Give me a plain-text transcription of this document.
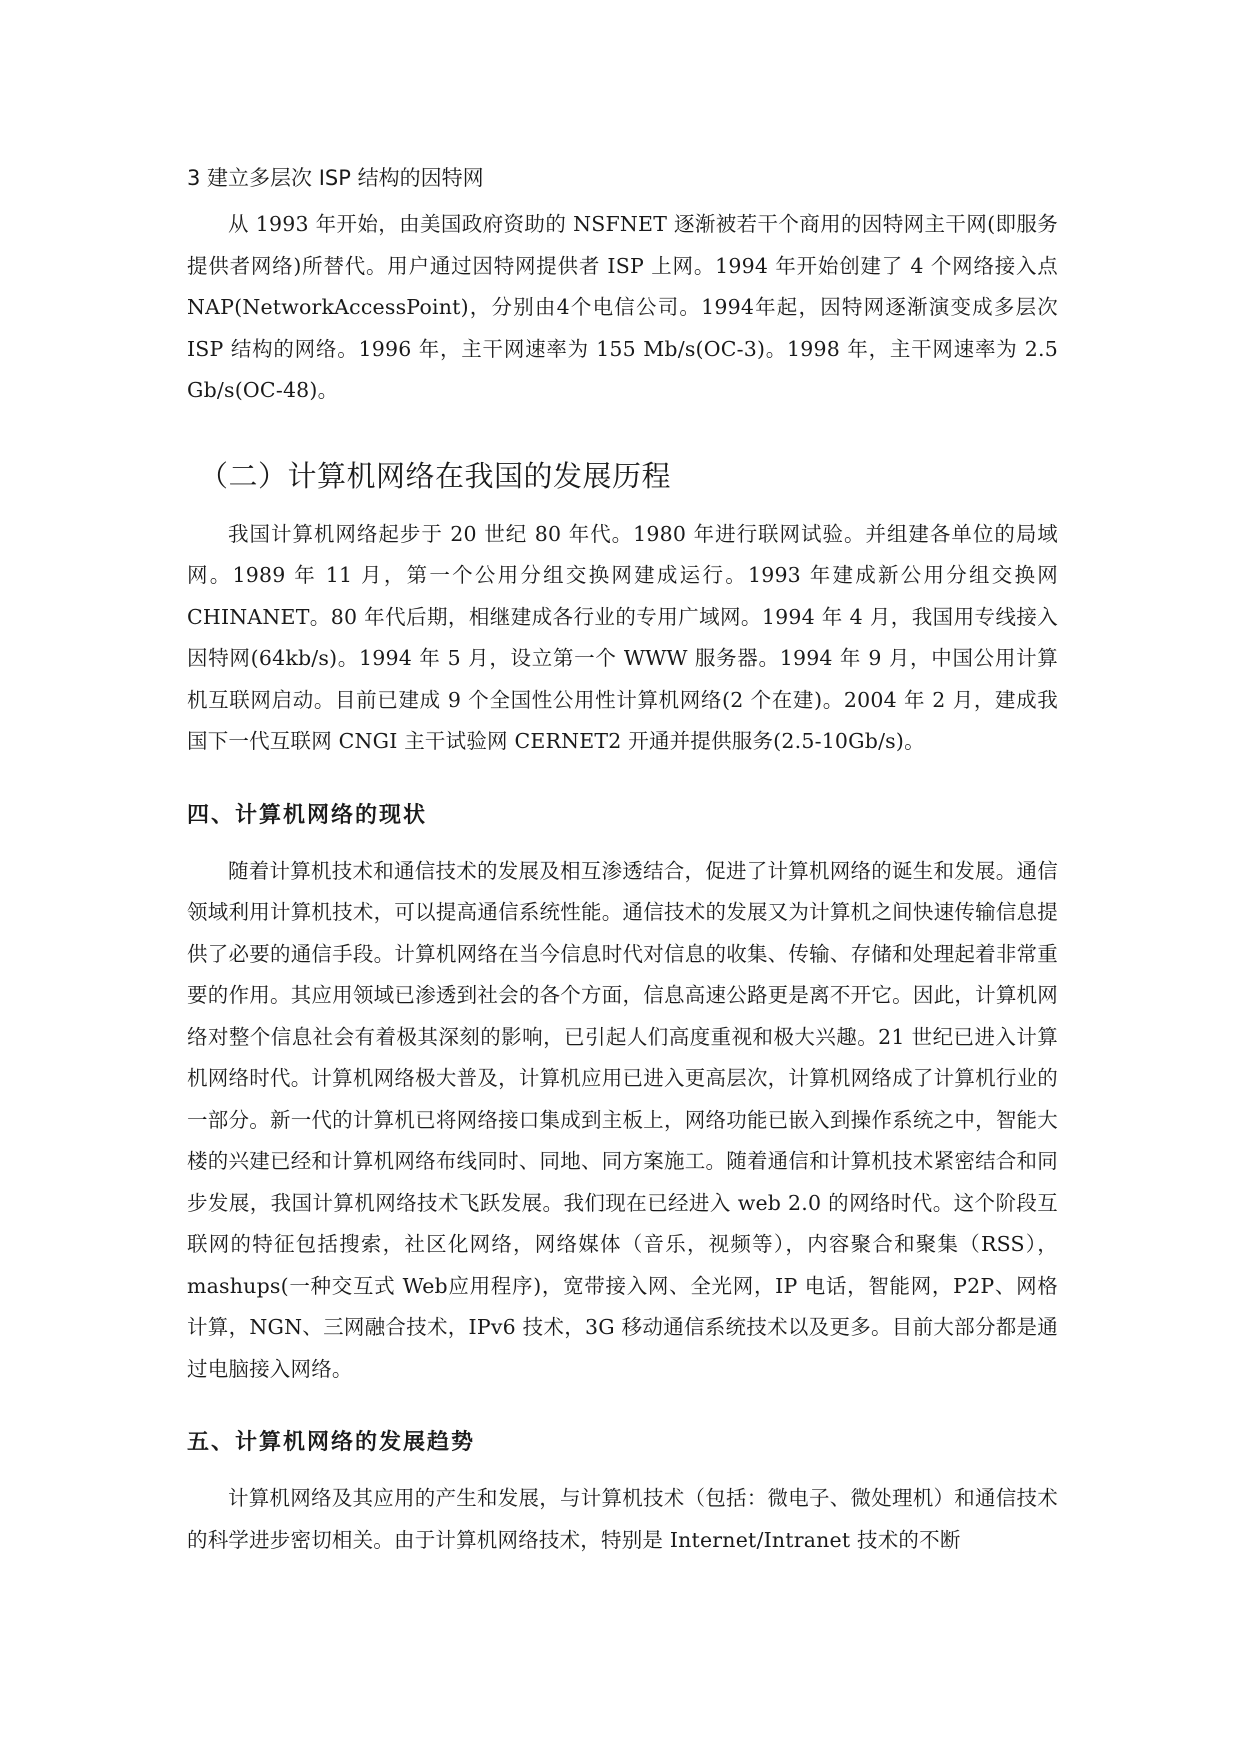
3 建立多层次 ISP 结构的因特网

从 1993 年开始，由美国政府资助的 NSFNET 逐渐被若干个商用的因特网主干网(即服务提供者网络)所替代。用户通过因特网提供者 ISP 上网。1994 年开始创建了 4 个网络接入点 NAP(NetworkAccessPoint)，分别由4个电信公司。1994年起，因特网逐渐演变成多层次 ISP 结构的网络。1996 年，主干网速率为 155 Mb/s(OC-3)。1998 年，主干网速率为 2.5 Gb/s(OC-48)。

（二）计算机网络在我国的发展历程

我国计算机网络起步于 20 世纪 80 年代。1980 年进行联网试验。并组建各单位的局域网。1989 年 11 月，第一个公用分组交换网建成运行。1993 年建成新公用分组交换网 CHINANET。80 年代后期，相继建成各行业的专用广域网。1994 年 4 月，我国用专线接入因特网(64kb/s)。1994 年 5 月，设立第一个 WWW 服务器。1994 年 9 月，中国公用计算机互联网启动。目前已建成 9 个全国性公用性计算机网络(2 个在建)。2004 年 2 月，建成我国下一代互联网 CNGI 主干试验网 CERNET2 开通并提供服务(2.5-10Gb/s)。

四、计算机网络的现状

随着计算机技术和通信技术的发展及相互渗透结合，促进了计算机网络的诞生和发展。通信领域利用计算机技术，可以提高通信系统性能。通信技术的发展又为计算机之间快速传输信息提供了必要的通信手段。计算机网络在当今信息时代对信息的收集、传输、存储和处理起着非常重要的作用。其应用领域已渗透到社会的各个方面，信息高速公路更是离不开它。因此，计算机网络对整个信息社会有着极其深刻的影响，已引起人们高度重视和极大兴趣。21 世纪已进入计算机网络时代。计算机网络极大普及，计算机应用已进入更高层次，计算机网络成了计算机行业的一部分。新一代的计算机已将网络接口集成到主板上，网络功能已嵌入到操作系统之中，智能大楼的兴建已经和计算机网络布线同时、同地、同方案施工。随着通信和计算机技术紧密结合和同步发展，我国计算机网络技术飞跃发展。我们现在已经进入 web 2.0 的网络时代。这个阶段互联网的特征包括搜索，社区化网络，网络媒体（音乐，视频等），内容聚合和聚集（RSS），mashups(一种交互式 Web应用程序)，宽带接入网、全光网，IP 电话，智能网，P2P、网格计算，NGN、三网融合技术，IPv6 技术，3G 移动通信系统技术以及更多。目前大部分都是通过电脑接入网络。

五、计算机网络的发展趋势

计算机网络及其应用的产生和发展，与计算机技术（包括：微电子、微处理机）和通信技术的科学进步密切相关。由于计算机网络技术，特别是 Internet/Intranet 技术的不断
